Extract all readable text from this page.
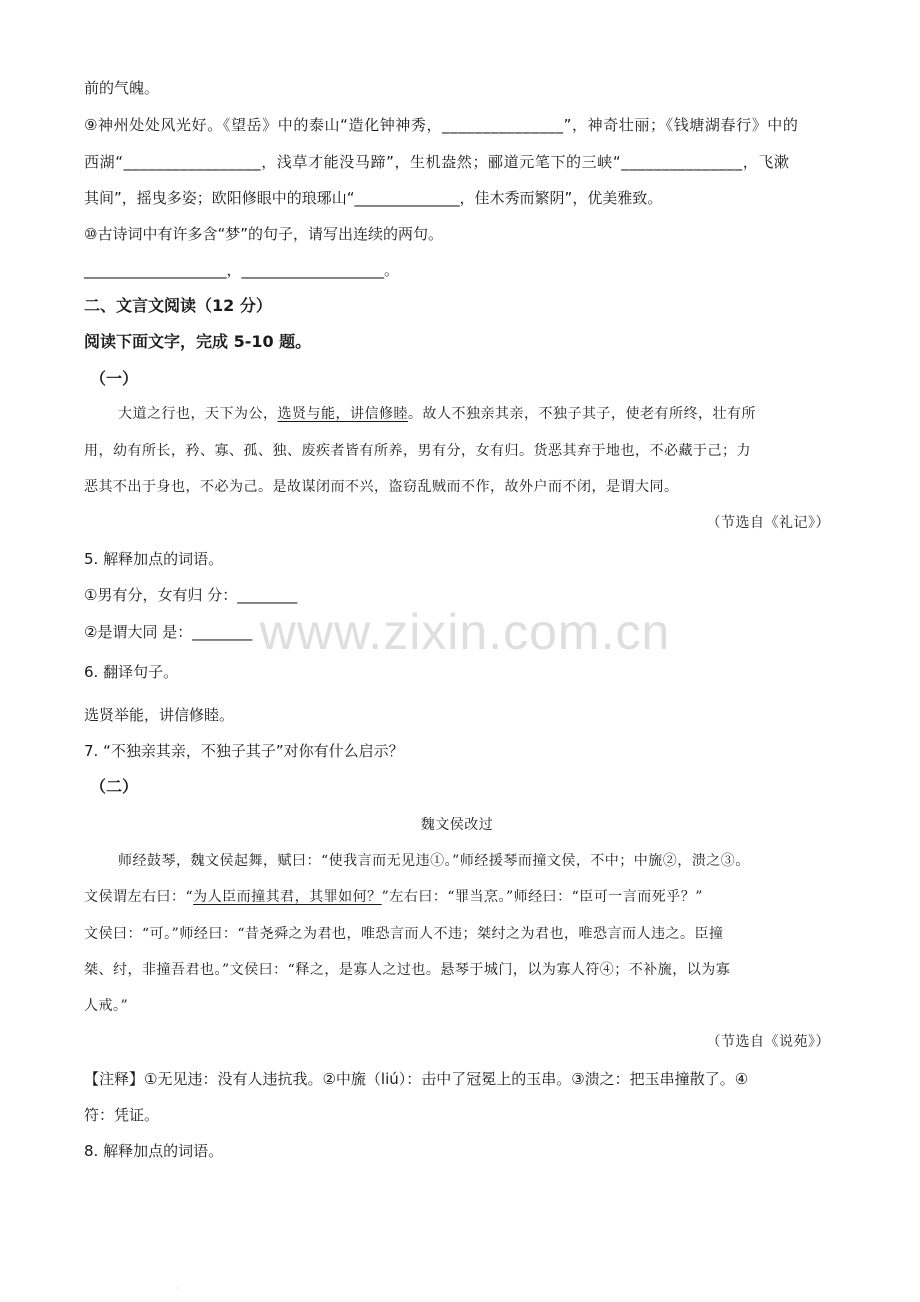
前的气魄。
⑨神州处处风光好。《望岳》中的泰山“造化钟神秀，_______________”，神奇壮丽；《钱塘湖春行》中的
西湖“_________________，浅草才能没马蹄”，生机盎然；郦道元笔下的三峡“_______________，飞漱
其间”，摇曳多姿；欧阳修眼中的琅琊山“______________，佳木秀而繁阴”，优美雅致。
⑩古诗词中有许多含“梦”的句子，请写出连续的两句。
___________________，___________________。
二、文言文阅读（12 分）
阅读下面文字，完成 5-10 题。
（一）
大道之行也，天下为公，选贤与能，讲信修睦。故人不独亲其亲，不独子其子，使老有所终，壮有所
用，幼有所长，矜、寡、孤、独、废疾者皆有所养，男有分，女有归。货恶其弃于地也，不必藏于己；力
恶其不出于身也，不必为己。是故谋闭而不兴，盗窃乱贼而不作，故外户而不闭，是谓大同。
（节选自《礼记》）
5. 解释加点的词语。
①男有分，女有归 分：________
②是谓大同 是：________
6. 翻译句子。
选贤举能，讲信修睦。
7. “不独亲其亲，不独子其子”对你有什么启示？
（二）
魏文侯改过
师经鼓琴，魏文侯起舞，赋曰：“使我言而无见违①。”师经援琴而撞文侯，不中；中旒②，溃之③。
文侯谓左右曰：“为人臣而撞其君，其罪如何？”左右曰：“罪当烹。”师经曰：“臣可一言而死乎？”
文侯曰：“可。”师经曰：“昔尧舜之为君也，唯恐言而人不违；桀纣之为君也，唯恐言而人违之。臣撞
桀、纣，非撞吾君也。”文侯曰：“释之，是寡人之过也。悬琴于城门，以为寡人符④；不补旒，以为寡
人戒。”
（节选自《说苑》）
【注释】①无见违：没有人违抗我。②中旒（liú）：击中了冠冕上的玉串。③溃之：把玉串撞散了。④
符：凭证。
8. 解释加点的词语。
www.zixin.com.cn
·
